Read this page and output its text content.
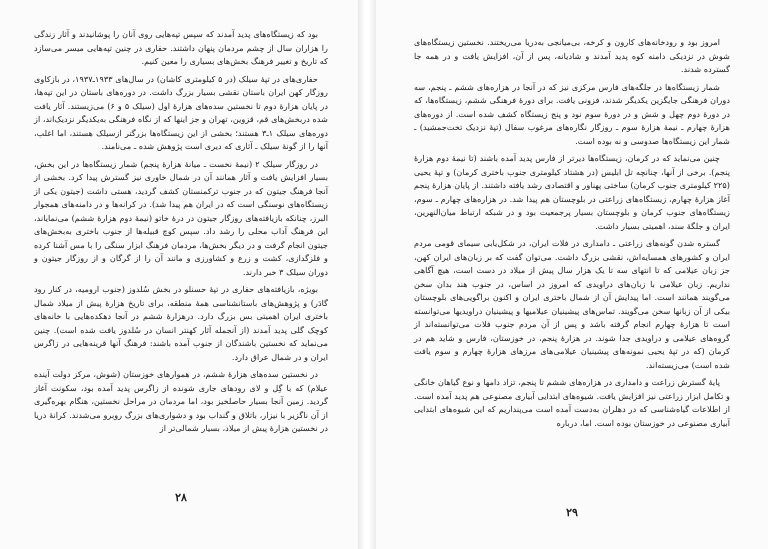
بود که زیستگاه‌های پدید آمدند که سپس تپه‌هایی روی آنان را پوشانیدند و آثار زندگی را هزاران سال از چشم مردمان پنهان داشتند. حفاری در چنین تپه‌هایی میسر می‌سازد که تاریخ و تغییر فرهنگ بخش‌های بسیاری را معین کنیم.

حفاری‌های در تپهٔ سیلک (در ۵ کیلومتری کاشان) در سال‌های ۱۹۳۳ـ۱۹۳۷، در بازکاوی روزگار کهن ایران باستان نقشی بسیار بزرگ داشت. در دوره‌های باستان در این تپه‌ها، در پایان هزارهٔ دوم تا نخستین سده‌های هزارهٔ اول (سیلک ۵ و ۶) می‌زیستند. آثار یافت شده دربخش‌های قم، قزوین، تهران و جز اینها که از نگاه فرهنگی به‌یکدیگر نزدیک‌اند، از دوره‌های سیلک ۱ـ۳ هستند؛ بخشی از این زیستگاه‌ها بزرگتر ازسیلک هستند، اما اغلب، آنها را از گونهٔ سیلک ـ آثاری که دیری است پژوهش شده ـ می‌نامند.

در روزگار سیلک ۲ (نیمهٔ نخست ـ میانهٔ هزارهٔ پنجم) شمار زیستگاه‌ها در این بخش، بسیار افزایش یافت و آثار همانند آن در شمال خاوری نیز گسترش پیدا کرد. بخشی از آنجا فرهنگ جیتون که در جنوب ترکمنستان کشف گردید، هستی داشت (جیتون یکی از زیستگاه‌های نوسنگی است که در ایران هم پیدا شد). در کرانه‌ها و در دامنه‌های همجوار البرز، چنانکه بازیافته‌های روزگار جیتون در درهٔ خاتو (نیمهٔ دوم هزارهٔ ششم) می‌نمایاند، این فرهنگ آداب محلی را رشد داد. سپس کوچ قبیله‌ها از جنوب باختری به‌بخش‌های جیتون انجام گرفت و در دیگر بخش‌ها، مردمان فرهنگ ابزار سنگی را با مس آشنا کرده و فلزگدازی، کشت و زرع و کشاورزی و مانند آن را از گرگان و از روزگار جیتون و دوران سیلک ۳ خبر دارند.

بویژه، بازیافته‌های حفاری در تپهٔ حسنلو در بخش سُلدوز (جنوب ارومیه، در کنار رود گادَر) و پژوهش‌های باستانشناسی همهٔ منطقه، برای تاریخ هزارهٔ پیش از میلاد شمال باختری ایران اهمیتی بس بزرگ دارد. درهزارهٔ ششم در آنجا دهکده‌هایی با خانه‌های کوچک گلی پدید آمدند (از آنجمله آثار کهنتر انسان در سُلدوز یافت شده است). چنین می‌نماید که نخستین باشندگان از جنوب آمده باشند: فرهنگ آنها قرینه‌هایی در زاگرس ایران و در شمال عراق دارد.

در نخستین سده‌های هزارهٔ ششم، در هموارهای خوزستان (شوش، مرکز دولت آینده عیلام) که با گِل و لای رودهای جاری شونده از زاگرس پدید آمده بود، سکونت آغاز گردید. زمین آنجا بسیار حاصلخیز بود، اما مردمان در مراحل نخستین، هنگام بهره‌گیری از آن ناگزیر با نیزار، باتلاق و گنداب بود و دشواری‌های بزرگ روبرو می‌شدند. کرانهٔ دریا در نخستین هزارهٔ پیش از میلاد، بسیار شمالی‌تر از

۲۸

امروز بود و رودخانه‌های کارون و کرخه، بی‌میانجی به‌دریا می‌ریختند. نخستین زیستگاه‌های شوش در نزدیکی دامنه کوه پدید آمدند و شادیانه، پس از آن، افزایش یافت و در همه جا گسترده شدند.

شمار زیستگاه‌ها در جلگه‌های فارس مرکزی نیز که در آنجا در هزاره‌های ششم ـ پنجم، سه دوران فرهنگی جایگزین یکدیگر شدند، فزونی یافت. برای دورهٔ فرهنگی ششم، زیستگاه‌ها، که در دورهٔ دوم چهل و شش و در دورهٔ سوم نود و پنج زیستگاه کشف شده است. از دوره‌های هزارهٔ چهارم ـ نیمهٔ هزارهٔ سوم ـ روزگار نگاره‌های مرغوب سفال (تپهٔ نزدیک تخت‌جمشید) ـ شمار این زیستگاه‌ها صدوسی و نه بوده است.

چنین می‌نماید که در کرمان، زیستگاه‌ها دیرتر از فارس پدید آمده باشند (تا نیمهٔ دوم هزارهٔ پنجم). برخی از آنها، چنانچه تل ابلیس (در هشتاد کیلومتری جنوب باختری کرمان) و تپهٔ یحیی (۲۲۵ کیلومتری جنوب کرمان) ساختی پهناور و اقتصادی رشد یافته داشتند. از پایان هزارهٔ پنجم آغاز هزارهٔ چهارم، زیستگاه‌های زراعتی در بلوچستان هم پیدا شد. در هزاره‌های چهارم ـ سوم، زیستگاه‌های جنوب کرمان و بلوچستان بسیار پرجمعیت بود و در شبکه ارتباط میان‌النهرین، ایران و جلگهٔ سند، اهمیتی بسیار داشت.

گستره شدن گونه‌های زراعتی ـ دامداری در فلات ایران، در شکل‌یابی سیمای قومی مردم ایران و کشورهای همسایه‌اش، نقشی بزرگ داشت. می‌توان گفت که بر زبان‌های ایران کهن، جز زبان عیلامی که تا انتهای سه تا یک هزار سال پیش از میلاد در دست است، هیچ آگاهی نداریم. زبان عیلامی با زبان‌های دراویدی که امروز در اساس، در جنوب هند بدان سخن می‌گویند همانند است. اما پیدایش آن از شمال باختری ایران و اکنون براگویی‌های بلوچستان بیکی از آن زبانها سخن می‌گویند. تماس‌های پیشینیان عیلامیها و پیشینیان دراویدیها می‌توانسته است تا هزارهٔ چهارم انجام گرفته باشد و پس از آن مردم جنوب فلات می‌توانسته‌اند از گروه‌های عیلامی و دراویدی جدا شوند. در هزارهٔ پنجم، در خوزستان، فارس و شاید هم در کرمان (که در تپهٔ یحیی نمونه‌های پیشینیان عیلامی‌های مرزهای هزارهٔ چهارم و سوم یافت شده است) می‌زیسته‌اند.

پایهٔ گسترش زراعت و دامداری در هزاره‌های ششم تا پنجم، تزاد دامها و نوع گیاهان خانگی و تکامل ابزار زراعتی نیز افزایش یافت. شیوه‌های ابتدایی آبیاری مصنوعی هم پدید آمده است. از اطلاعات گیاه‌شناسی که در دهلران به‌دست آمده است می‌پنداریم که این شیوه‌های ابتدایی آبیاری مصنوعی در خوزستان بوده است. اما، درباره

۲۹
